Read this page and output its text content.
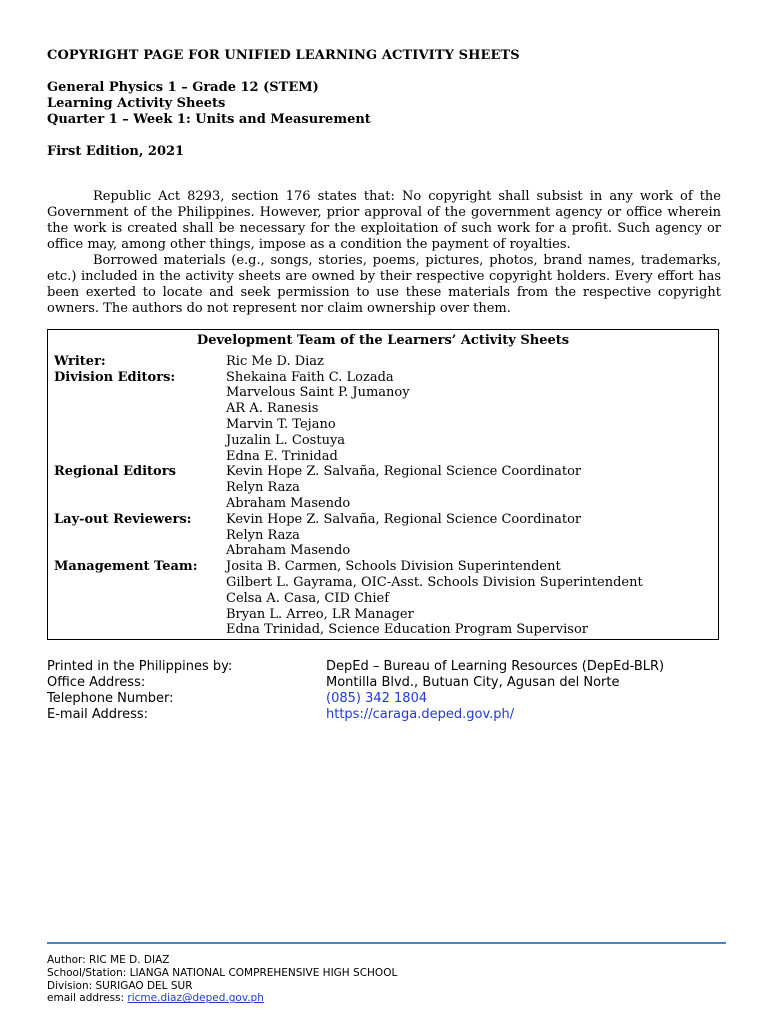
COPYRIGHT PAGE FOR UNIFIED LEARNING ACTIVITY SHEETS
General Physics 1 – Grade 12 (STEM)
Learning Activity Sheets
Quarter 1 – Week 1: Units and Measurement
First Edition, 2021

Republic Act 8293, section 176 states that: No copyright shall subsist in any work of the Government of the Philippines. However, prior approval of the government agency or office wherein the work is created shall be necessary for the exploitation of such work for a profit. Such agency or office may, among other things, impose as a condition the payment of royalties.

Borrowed materials (e.g., songs, stories, poems, pictures, photos, brand names, trademarks, etc.) included in the activity sheets are owned by their respective copyright holders. Every effort has been exerted to locate and seek permission to use these materials from the respective copyright owners. The authors do not represent nor claim ownership over them.

Development Team of the Learners’ Activity Sheets
Writer:	Ric Me D. Diaz
Division Editors:	Shekaina Faith C. Lozada
Marvelous Saint P. Jumanoy
AR A. Ranesis
Marvin T. Tejano
Juzalin L. Costuya
Edna E. Trinidad
Regional Editors	Kevin Hope Z. Salvaña, Regional Science Coordinator
Relyn Raza
Abraham Masendo
Lay-out Reviewers:	Kevin Hope Z. Salvaña, Regional Science Coordinator
Relyn Raza
Abraham Masendo
Management Team:	Josita B. Carmen, Schools Division Superintendent
Gilbert L. Gayrama, OIC-Asst. Schools Division Superintendent
Celsa A. Casa, CID Chief
Bryan L. Arreo, LR Manager
Edna Trinidad, Science Education Program Supervisor
Printed in the Philippines by:	DepEd – Bureau of Learning Resources (DepEd-BLR)
Office Address:	Montilla Blvd., Butuan City, Agusan del Norte
Telephone Number:	(085) 342 1804
E-mail Address:	https://caraga.deped.gov.ph/
Author: RIC ME D. DIAZ
School/Station: LIANGA NATIONAL COMPREHENSIVE HIGH SCHOOL
Division: SURIGAO DEL SUR
email address: ricme.diaz@deped.gov.ph
